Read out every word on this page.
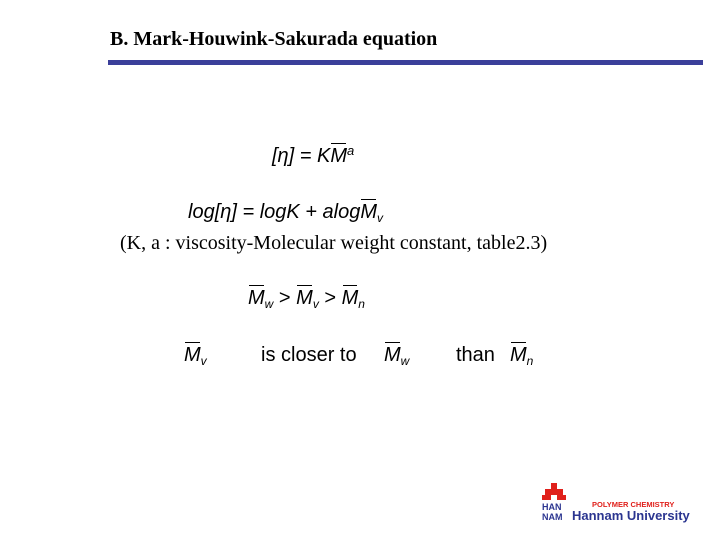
B. Mark-Houwink-Sakurada equation
$[\eta] = KM^a$
log[η] = logK + alogM$_v$
(K, a : viscosity-Molecular weight constant, table2.3)
$M_w > M_v > M_n$
$M_v$	is closer to $M_w$ than $M_n$
HAN
NAM
POLYMER CHEMISTRY
Hannam University
